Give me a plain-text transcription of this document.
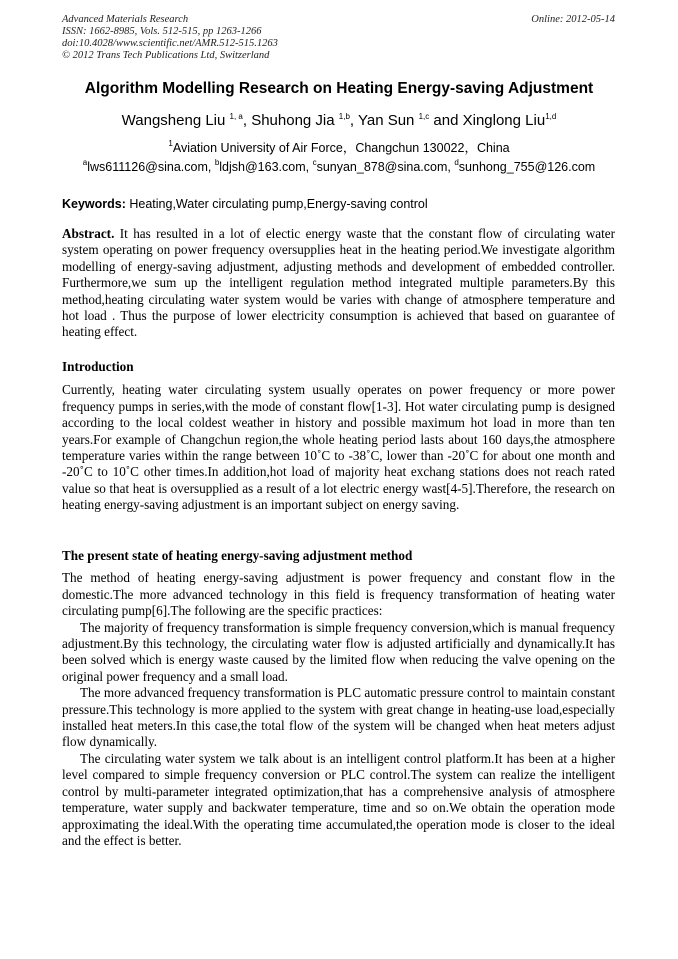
Advanced Materials Research
ISSN: 1662-8985, Vols. 512-515, pp 1263-1266
doi:10.4028/www.scientific.net/AMR.512-515.1263
© 2012 Trans Tech Publications Ltd, Switzerland
Online: 2012-05-14
Algorithm Modelling Research on Heating Energy-saving Adjustment
Wangsheng Liu $^{1, a}$, Shuhong Jia $^{1,b}$, Yan Sun $^{1,c}$ and Xinglong Liu$^{1,d}$
$^1$Aviation University of Air Force，Changchun 130022，China
$^a$lws611126@sina.com, $^b$ldjsh@163.com, $^c$sunyan_878@sina.com, $^d$sunhong_755@126.com
Keywords: Heating,Water circulating pump,Energy-saving control

Abstract. It has resulted in a lot of electic energy waste that the constant flow of circulating water system operating on power frequency oversupplies heat in the heating period.We investigate algorithm modelling of energy-saving adjustment, adjusting methods and development of embedded controller. Furthermore,we sum up the intelligent regulation method integrated multiple parameters.By this method,heating circulating water system would be varies with change of atmosphere temperature and hot load . Thus the purpose of lower electricity consumption is achieved that based on guarantee of heating effect.

Introduction

Currently, heating water circulating system usually operates on power frequency or more power frequency pumps in series,with the mode of constant flow[1-3]. Hot water circulating pump is designed according to the local coldest weather in history and possible maximum hot load in more than ten years.For example of Changchun region,the whole heating period lasts about 160 days,the atmosphere temperature varies within the range between 10˚C to -38˚C, lower than -20˚C for about one month and -20˚C to 10˚C other times.In addition,hot load of majority heat exchang stations does not reach rated value so that heat is oversupplied as a result of a lot electric energy wast[4-5].Therefore, the research on heating energy-saving adjustment is an important subject on energy saving.

The present state of heating energy-saving adjustment method

The method of heating energy-saving adjustment is power frequency and constant flow in the domestic.The more advanced technology in this field is frequency transformation of heating water circulating pump[6].The following are the specific practices:

The majority of frequency transformation is simple frequency conversion,which is manual frequency adjustment.By this technology, the circulating water flow is adjusted artificially and dynamically.It has been solved which is energy waste caused by the limited flow when reducing the valve opening on the original power frequency and a small load.

The more advanced frequency transformation is PLC automatic pressure control to maintain constant pressure.This technology is more applied to the system with great change in heating-use load,especially installed heat meters.In this case,the total flow of the system will be changed when heat meters adjust flow dynamically.

The circulating water system we talk about is an intelligent control platform.It has been at a higher level compared to simple frequency conversion or PLC control.The system can realize the intelligent control by multi-parameter integrated optimization,that has a comprehensive analysis of atmosphere temperature, water supply and backwater temperature, time and so on.We obtain the operation mode approximating the ideal.With the operating time accumulated,the operation mode is closer to the ideal and the effect is better.
